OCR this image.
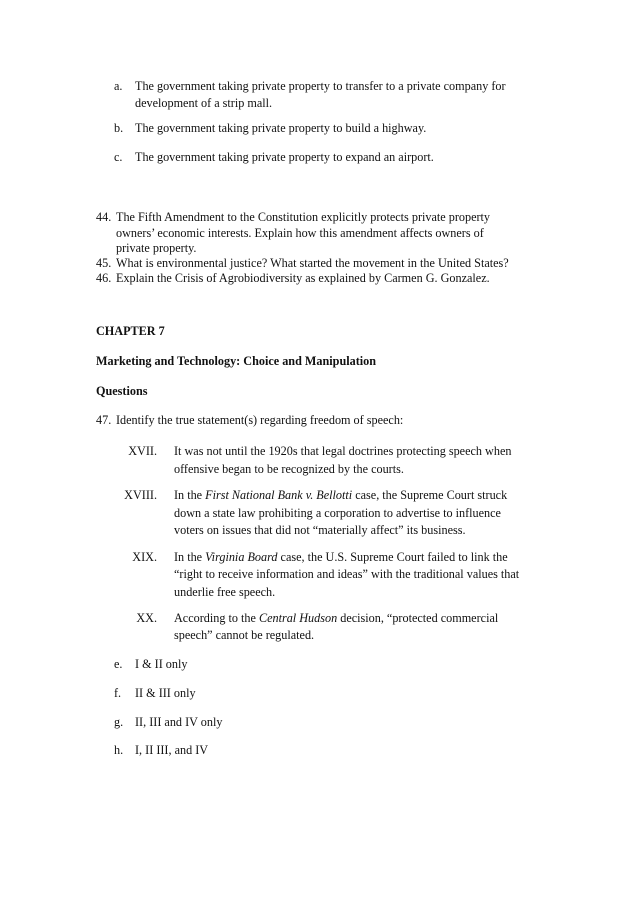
a. The government taking private property to transfer to a private company for
development of a strip mall.
b. The government taking private property to build a highway.
c. The government taking private property to expand an airport.
44. The Fifth Amendment to the Constitution explicitly protects private property
owners’ economic interests. Explain how this amendment affects owners of
private property.
45. What is environmental justice? What started the movement in the United States?
46. Explain the Crisis of Agrobiodiversity as explained by Carmen G. Gonzalez.
CHAPTER 7
Marketing and Technology: Choice and Manipulation
Questions
47. Identify the true statement(s) regarding freedom of speech:
XVII. It was not until the 1920s that legal doctrines protecting speech when
offensive began to be recognized by the courts.
XVIII. In the First National Bank v. Bellotti case, the Supreme Court struck
down a state law prohibiting a corporation to advertise to influence
voters on issues that did not “materially affect” its business.
XIX. In the Virginia Board case, the U.S. Supreme Court failed to link the
“right to receive information and ideas” with the traditional values that
underlie free speech.
XX. According to the Central Hudson decision, “protected commercial
speech” cannot be regulated.
e. I & II only
f. II & III only
g. II, III and IV only
h. I, II III, and IV
